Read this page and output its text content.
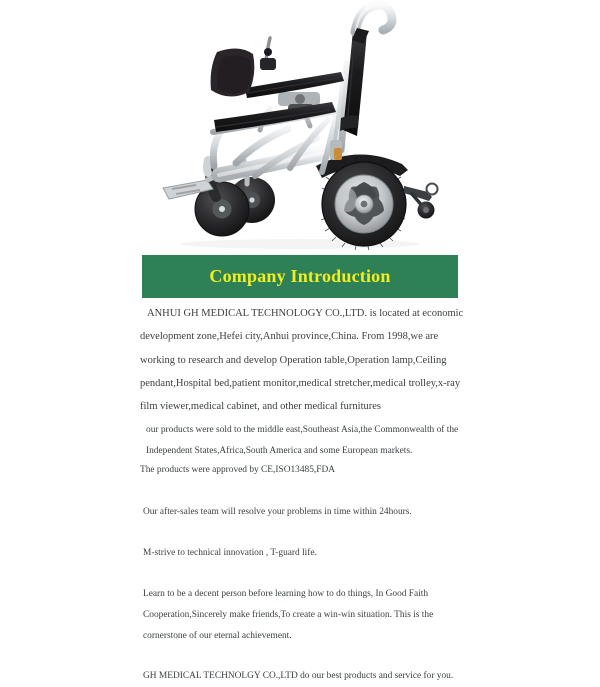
Company Introduction

ANHUI GH MEDICAL TECHNOLOGY CO.,LTD. is located at economic development zone,Hefei city,Anhui province,China. From 1998,we are working to research and develop Operation table,Operation lamp,Ceiling pendant,Hospital bed,patient monitor,medical stretcher,medical trolley,x-ray film viewer,medical cabinet, and other medical furnitures

our products were sold to the middle east,Southeast Asia,the Commonwealth of the Independent States,Africa,South America and some European markets.

The products were approved by CE,ISO13485,FDA

Our after-sales team will resolve your problems in time within 24hours.

M-strive to technical innovation , T-guard life.

Learn to be a decent person before learning how to do things, In Good Faith Cooperation,Sincerely make friends,To create a win-win situation. This is the cornerstone of our eternal achievement.

GH MEDICAL TECHNOLGY CO.,LTD do our best products and service for you.
